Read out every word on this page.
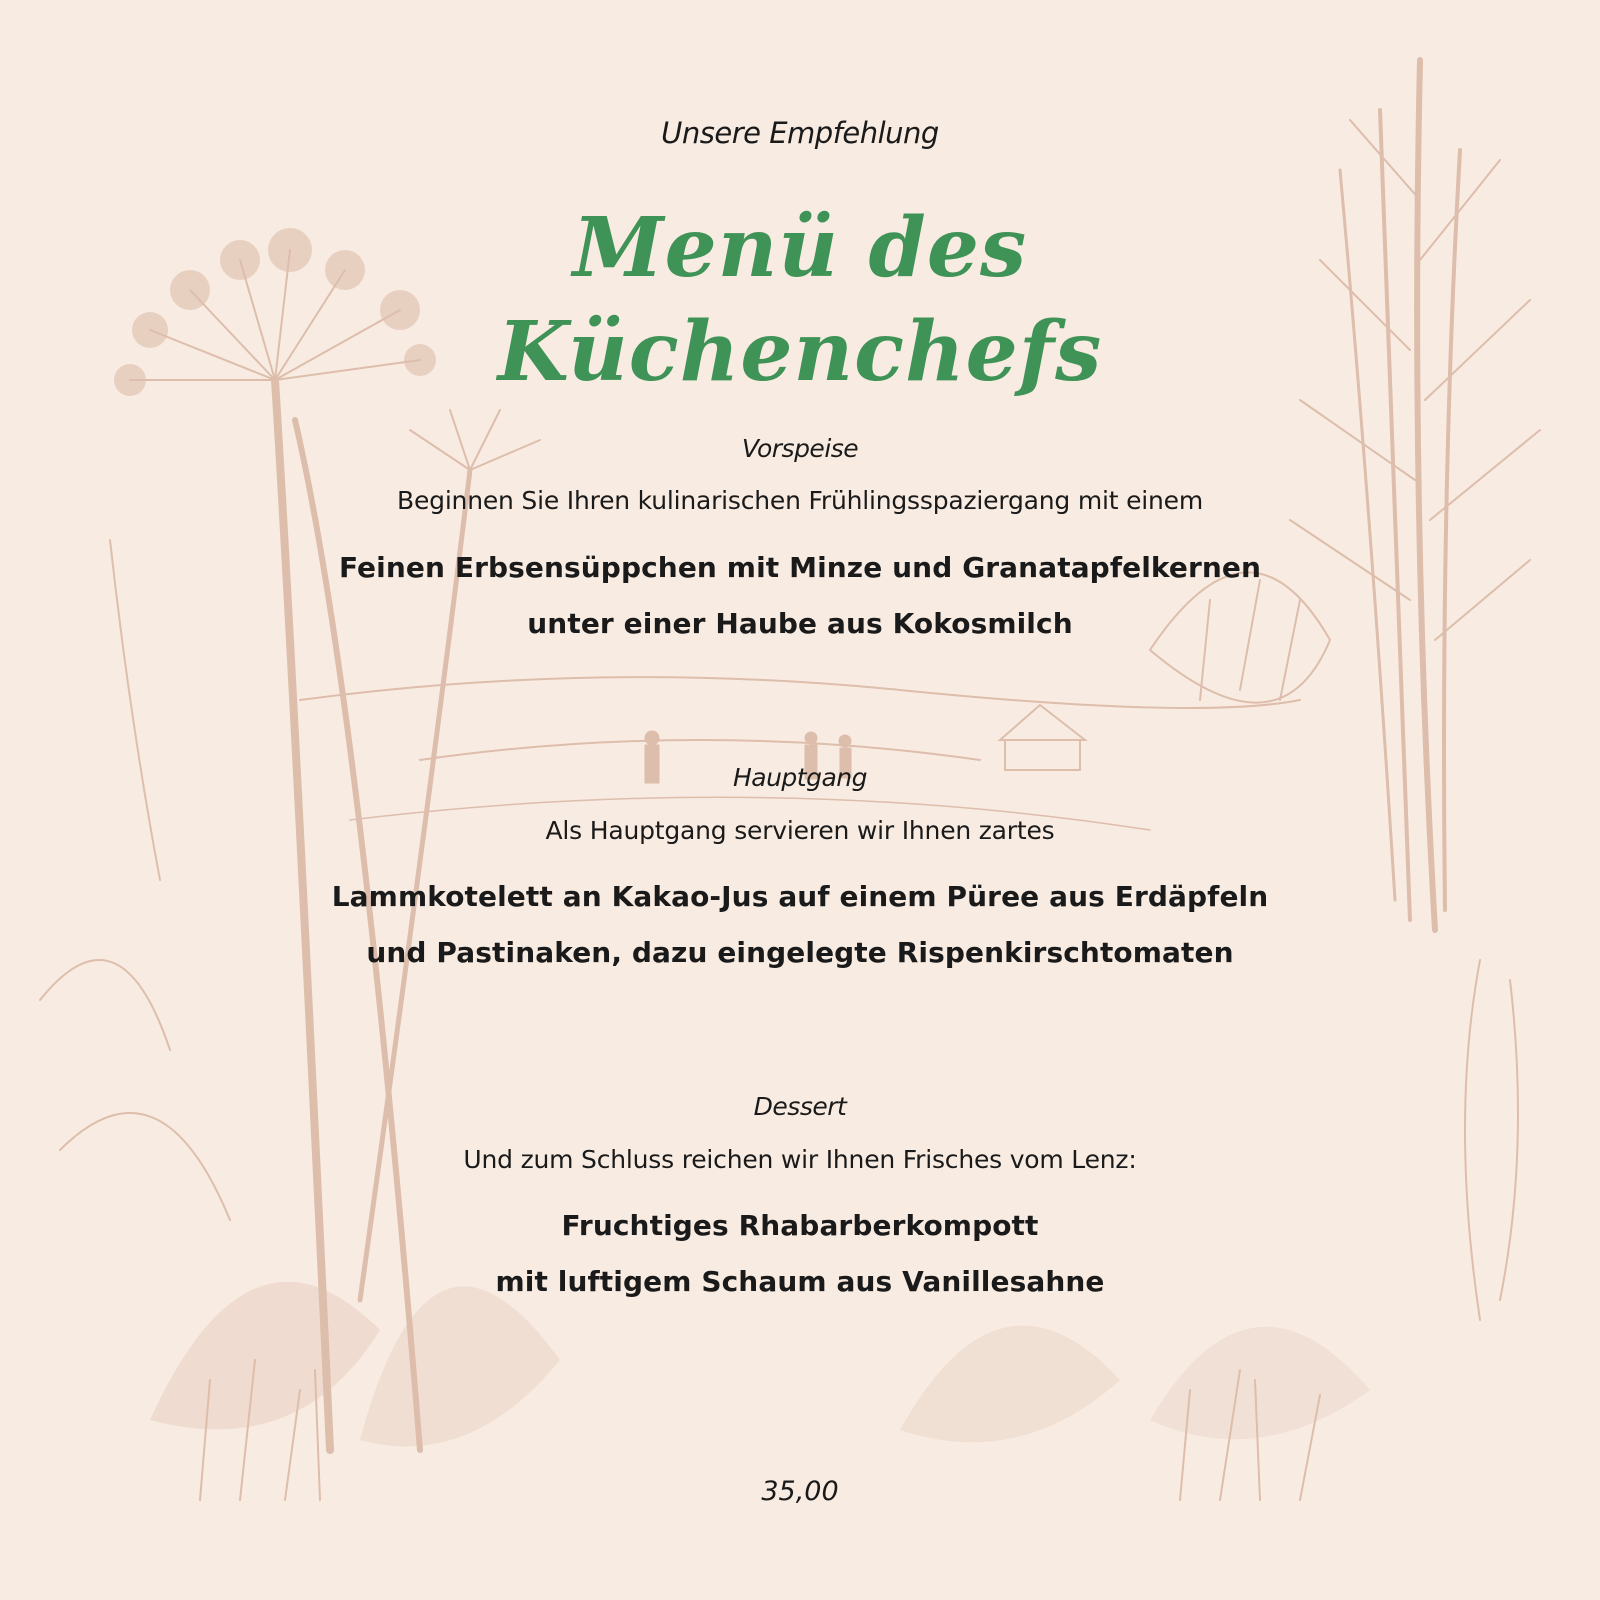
Unsere Empfehlung
Menü des
Küchenchefs
Vorspeise
Beginnen Sie Ihren kulinarischen Frühlingsspaziergang mit einem
Feinen Erbsensüppchen mit Minze und Granatapfelkernen
unter einer Haube aus Kokosmilch
Hauptgang
Als Hauptgang servieren wir Ihnen zartes
Lammkotelett an Kakao-Jus auf einem Püree aus Erdäpfeln
und Pastinaken, dazu eingelegte Rispenkirschtomaten
Dessert
Und zum Schluss reichen wir Ihnen Frisches vom Lenz:
Fruchtiges Rhabarberkompott
mit luftigem Schaum aus Vanillesahne
35,00
